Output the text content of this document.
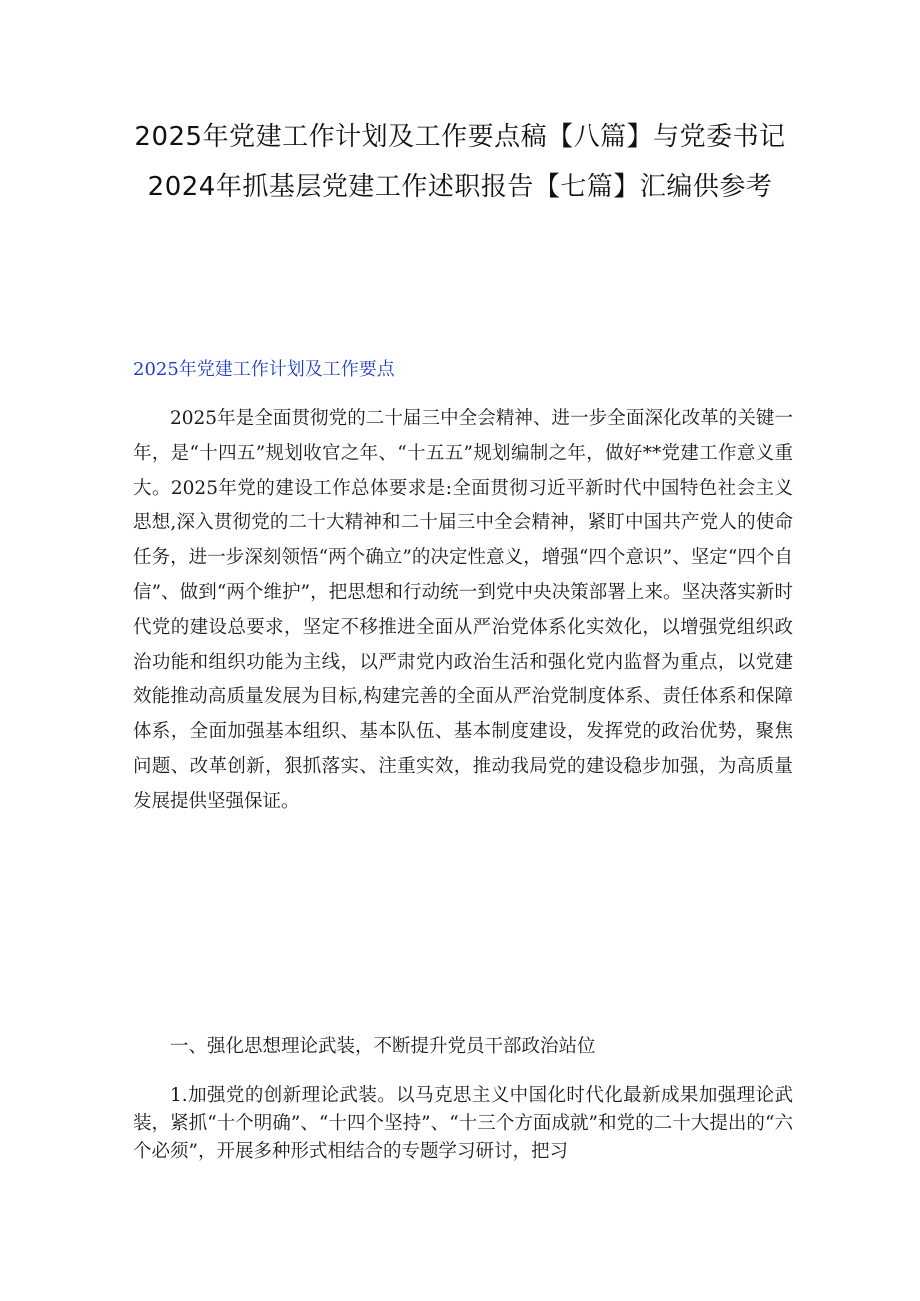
2025年党建工作计划及工作要点稿【八篇】与党委书记2024年抓基层党建工作述职报告【七篇】汇编供参考
2025年党建工作计划及工作要点

2025年是全面贯彻党的二十届三中全会精神、进一步全面深化改革的关键一年，是“十四五”规划收官之年、“十五五”规划编制之年，做好**党建工作意义重大。2025年党的建设工作总体要求是:全面贯彻习近平新时代中国特色社会主义思想,深入贯彻党的二十大精神和二十届三中全会精神，紧盯中国共产党人的使命任务，进一步深刻领悟“两个确立”的决定性意义，增强“四个意识”、坚定“四个自信”、做到“两个维护”，把思想和行动统一到党中央决策部署上来。坚决落实新时代党的建设总要求，坚定不移推进全面从严治党体系化实效化，以增强党组织政治功能和组织功能为主线，以严肃党内政治生活和强化党内监督为重点，以党建效能推动高质量发展为目标,构建完善的全面从严治党制度体系、责任体系和保障体系，全面加强基本组织、基本队伍、基本制度建设，发挥党的政治优势，聚焦问题、改革创新，狠抓落实、注重实效，推动我局党的建设稳步加强，为高质量发展提供坚强保证。

一、强化思想理论武装，不断提升党员干部政治站位

1.加强党的创新理论武装。以马克思主义中国化时代化最新成果加强理论武装，紧抓“十个明确”、“十四个坚持”、“十三个方面成就”和党的二十大提出的“六个必须”，开展多种形式相结合的专题学习研讨，把习
